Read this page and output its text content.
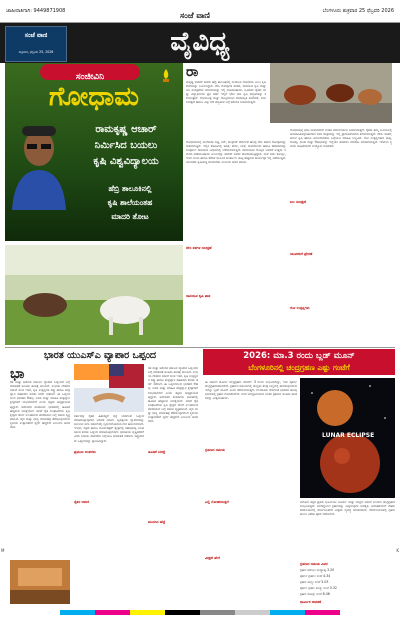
ಜಾಹೀರಾತಿಗಾಗಿ: 9449871908	ಸಂಜೆ ವಾಣಿ	ಬೆಂಗಳೂರು ಶುಕ್ರವಾರ 25 ಫೆಬ್ರವರಿ 2026
ಸಂಜೆ ವಾಣಿ
ಶುಕ್ರವಾರ, ಫೆಬ್ರವರಿ 25, 2026	ವೈವಿಧ್ಯ
ಸಂಜೀವಿನಿ
ಗೋಧಾಮ
ರಾಮಕೃಷ್ಣ ಆಚಾರ್
ನಿರ್ಮಿಸಿದ ಬಯಲು
ಕೃಷಿ ವಿಶ್ವವಿದ್ಯಾಲಯ
ಹೆಬ್ರಿ ತಾಲೂಕಿನಲ್ಲಿ
ಕೃಷಿ ಶಾಲೆಯಂತಹ
ಮಾದರಿ ತೋಟ
ರಾ
ಮಕೃಷ್ಣ ಆಚಾರ್ ಅವರು ಹೆಬ್ರಿ ತಾಲೂಕಿನಲ್ಲಿ ಸಂಜೀವಿನಿ ಗೋಧಾಮ ಎಂಬ ಕೃಷಿ ಶಾಲೆಯನ್ನು ನಿರ್ಮಿಸಿದ್ದಾರೆ. ದೇಸಿ ಗೋವುಗಳ ಸಾಕಣೆ, ಸಾವಯವ ಕೃಷಿ ಮತ್ತು ಜಲ ಸಂರಕ್ಷಣೆಯ ಮಾದರಿಯನ್ನು ಇಲ್ಲಿ ನೋಡಬಹುದು. ನೂರಾರು ರೈತರು ಮತ್ತು ವಿದ್ಯಾರ್ಥಿಗಳು ಪ್ರತಿ ವರ್ಷ ಇಲ್ಲಿಗೆ ಭೇಟಿ ನೀಡಿ ಕೃಷಿ ಪದ್ಧತಿಗಳನ್ನು ಕಲಿಯುತ್ತಾರೆ. ಗೋಮೂತ್ರ ಮತ್ತು ಗೊಬ್ಬರದಿಂದ ಜೀವಾಮೃತ ತಯಾರಿಕೆ, ಬೀಜ ಸಂರಕ್ಷಣೆ ಹಾಗೂ ಮಿಶ್ರ ಬೆಳೆ ಪದ್ಧತಿಗಳ ಬಗ್ಗೆ ತರಬೇತಿ ನೀಡಲಾಗುತ್ತದೆ.
ಗೋಧಾಮದಲ್ಲಿ ಮಲೆನಾಡು ಗಿಡ್ಡ, ಗಿರ್, ಕಾಂಕ್ರೇಜ್ ಸೇರಿದಂತೆ ಹಲವು ದೇಸಿ ತಳಿಗಳ ಗೋವುಗಳನ್ನು ಸಾಕಲಾಗುತ್ತಿದೆ. ಇಲ್ಲಿನ ತೋಟದಲ್ಲಿ ಅಡಿಕೆ, ತೆಂಗು, ಬಾಳೆ, ಕಾಳುಮೆಣಸು ಹಾಗೂ ತರಕಾರಿಗಳನ್ನು ಸಂಪೂರ್ಣ ಸಾವಯವ ವಿಧಾನದಲ್ಲಿ ಬೆಳೆಯಲಾಗುತ್ತಿದೆ. ರಾಸಾಯನಿಕ ಗೊಬ್ಬರ ಬಳಸದೆ ಉತ್ತಮ ಇಳುವರಿ ಪಡೆಯಬಹುದು ಎಂಬುದನ್ನು ಆಚಾರ್ ಅವರು ತೋರಿಸಿಕೊಟ್ಟಿದ್ದಾರೆ. ಮಳೆ ನೀರು ಕೊಯ್ಲು, ಇಂಗು ಗುಂಡಿ ಹಾಗೂ ಕೆರೆಗಳ ಮೂಲಕ ಅಂತರ್ಜಲ ಮಟ್ಟ ಹೆಚ್ಚಿಸುವ ಕಾರ್ಯವೂ ಇಲ್ಲಿ ನಡೆಯುತ್ತಿದೆ. ಯುವಕರು ಕೃಷಿಯತ್ತ ಮರಳಬೇಕು ಎಂಬುದು ಅವರ ಆಶಯ.
ಗೋಧಾಮಕ್ಕೆ ಭೇಟಿ ನೀಡುವವರಿಗೆ ಉಚಿತ ಮಾರ್ಗದರ್ಶನ ನೀಡಲಾಗುತ್ತದೆ. ರೈತರು ತಮ್ಮ ಜಮೀನಿನಲ್ಲಿ ಅಳವಡಿಸಿಕೊಳ್ಳಬಹುದಾದ ಸರಳ ತಂತ್ರಗಳನ್ನು ಇಲ್ಲಿ ಪ್ರಾಯೋಗಿಕವಾಗಿ ಕಲಿಸಲಾಗುತ್ತದೆ. ಜೇನು ಸಾಕಣೆ, ಅಣಬೆ ಕೃಷಿ ಹಾಗೂ ಮೀನುಗಾರಿಕೆಯ ಬಗ್ಗೆಯೂ ಮಾಹಿತಿ ಲಭ್ಯವಿದೆ. ಗೋ ಉತ್ಪನ್ನಗಳಾದ ತುಪ್ಪ, ಸೋಪು, ಧೂಪ ಮತ್ತು ಔಷಧಿಗಳನ್ನು ಇಲ್ಲಿಯೇ ತಯಾರಿಸಿ ಮಾರಾಟ ಮಾಡಲಾಗುತ್ತಿದೆ. ಇದರಿಂದ ಸ್ಥಳೀಯ ಮಹಿಳೆಯರಿಗೆ ಉದ್ಯೋಗ ದೊರೆತಿದೆ.
ದೇಸಿ ತಳಿಗಳ ಸಂರಕ್ಷಣೆ
ಸಾವಯವ ಕೃಷಿ ಪಾಠ
ಜಲ ಸಂರಕ್ಷಣೆ
ಯುವಕರಿಗೆ ಪ್ರೇರಣೆ
ಗೋ ಉತ್ಪನ್ನಗಳು
ಭಾರತ ಯುಎಸ್‌ಎ ವ್ಯಾಪಾರ ಒಪ್ಪಂದ
ಭಾ
ರತ ಮತ್ತು ಅಮೆರಿಕ ನಡುವಿನ ವ್ಯಾಪಾರ ಒಪ್ಪಂದದ ಬಗ್ಗೆ ಮಾತುಕತೆ ಅಂತಿಮ ಹಂತಕ್ಕೆ ತಲುಪಿದೆ. ಉಭಯ ದೇಶಗಳ ನಡುವೆ ಸುಂಕ ಇಳಿಕೆ, ಕೃಷಿ ಉತ್ಪನ್ನಗಳ ರಫ್ತು ಹಾಗೂ ತಂತ್ರಜ್ಞಾನ ಸಹಕಾರದ ಕುರಿತು ಚರ್ಚೆ ನಡೆದಿದೆ. ಈ ಒಪ್ಪಂದದಿಂದ ಭಾರತದ ಔಷಧ, ಜವಳಿ ಮತ್ತು ಮಾಹಿತಿ ತಂತ್ರಜ್ಞಾನ ಕ್ಷೇತ್ರಗಳಿಗೆ ಲಾಭವಾಗಲಿದೆ ಎಂದು ತಜ್ಞರು ಅಭಿಪ್ರಾಯಪಟ್ಟಿದ್ದಾರೆ. ಅಮೆರಿಕದ ಕಂಪನಿಗಳು ಭಾರತದಲ್ಲಿ ಹೂಡಿಕೆ ಹೆಚ್ಚಿಸುವ ನಿರೀಕ್ಷೆಯಿದೆ. ಆದರೆ ರೈತ ಸಂಘಟನೆಗಳು ಕೃಷಿ ಕ್ಷೇತ್ರದ ಮೇಲೆ ಉಂಟಾಗುವ ಪರಿಣಾಮದ ಬಗ್ಗೆ ಆತಂಕ ವ್ಯಕ್ತಪಡಿಸಿವೆ. ಡೈರಿ ಮತ್ತು ಧಾನ್ಯ ಮಾರುಕಟ್ಟೆ ತೆರೆಯುವುದರಿಂದ ಸ್ಥಳೀಯ ಉತ್ಪಾದಕರಿಗೆ ಸ್ಪರ್ಧೆ ಹೆಚ್ಚಲಿದೆ ಎಂಬುದು ಅವರ ವಾದ.
ಸರ್ಕಾರವು ರೈತರ ಹಿತಾಸಕ್ತಿಗೆ ಧಕ್ಕೆ ಬಾರದಂತೆ ಒಪ್ಪಂದ ಮಾಡಿಕೊಳ್ಳುವುದಾಗಿ ಭರವಸೆ ನೀಡಿದೆ. ದ್ವಿಪಕ್ಷೀಯ ವ್ಯಾಪಾರವನ್ನು ಮುಂದಿನ ಐದು ವರ್ಷಗಳಲ್ಲಿ ದ್ವಿಗುಣಗೊಳಿಸುವ ಗುರಿ ಹೊಂದಲಾಗಿದೆ. ಇಂಧನ, ರಕ್ಷಣೆ ಹಾಗೂ ಸೆಮಿಕಂಡಕ್ಟರ್ ಕ್ಷೇತ್ರದಲ್ಲಿ ಸಹಭಾಗಿತ್ವ ಬಲಪಡಿಸುವ ಕುರಿತು ಒಪ್ಪಂದ ಮಾಡಿಕೊಳ್ಳಲಾಗಿದೆ. ಭಾರತೀಯ ವೃತ್ತಿಪರರಿಗೆ ವೀಸಾ ನಿಯಮ ಸಡಿಲಿಕೆಯ ಬಗ್ಗೆಯೂ ಮಾತುಕತೆ ನಡೆದಿದೆ. ರಫ್ತುದಾರರು ಒಪ್ಪಂದವನ್ನು ಸ್ವಾಗತಿಸಿದ್ದಾರೆ.
ಪ್ರಮುಖ ಅಂಶಗಳು
ರೈತರ ಆತಂಕ
ಹೂಡಿಕೆ ನಿರೀಕ್ಷೆ
ಮುಂದಿನ ಹೆಜ್ಜೆ
ರತ ಮತ್ತು ಅಮೆರಿಕ ನಡುವಿನ ವ್ಯಾಪಾರ ಒಪ್ಪಂದದ ಬಗ್ಗೆ ಮಾತುಕತೆ ಅಂತಿಮ ಹಂತಕ್ಕೆ ತಲುಪಿದೆ. ಉಭಯ ದೇಶಗಳ ನಡುವೆ ಸುಂಕ ಇಳಿಕೆ, ಕೃಷಿ ಉತ್ಪನ್ನಗಳ ರಫ್ತು ಹಾಗೂ ತಂತ್ರಜ್ಞಾನ ಸಹಕಾರದ ಕುರಿತು ಚರ್ಚೆ ನಡೆದಿದೆ. ಈ ಒಪ್ಪಂದದಿಂದ ಭಾರತದ ಔಷಧ, ಜವಳಿ ಮತ್ತು ಮಾಹಿತಿ ತಂತ್ರಜ್ಞಾನ ಕ್ಷೇತ್ರಗಳಿಗೆ ಲಾಭವಾಗಲಿದೆ ಎಂದು ತಜ್ಞರು ಅಭಿಪ್ರಾಯಪಟ್ಟಿದ್ದಾರೆ. ಅಮೆರಿಕದ ಕಂಪನಿಗಳು ಭಾರತದಲ್ಲಿ ಹೂಡಿಕೆ ಹೆಚ್ಚಿಸುವ ನಿರೀಕ್ಷೆಯಿದೆ. ಆದರೆ ರೈತ ಸಂಘಟನೆಗಳು ಕೃಷಿ ಕ್ಷೇತ್ರದ ಮೇಲೆ ಉಂಟಾಗುವ ಪರಿಣಾಮದ ಬಗ್ಗೆ ಆತಂಕ ವ್ಯಕ್ತಪಡಿಸಿವೆ. ಡೈರಿ ಮತ್ತು ಧಾನ್ಯ ಮಾರುಕಟ್ಟೆ ತೆರೆಯುವುದರಿಂದ ಸ್ಥಳೀಯ ಉತ್ಪಾದಕರಿಗೆ ಸ್ಪರ್ಧೆ ಹೆಚ್ಚಲಿದೆ ಎಂಬುದು ಅವರ ವಾದ.
2026: ಮಾ.3 ರಂದು ಬ್ಲಡ್ ಮೂನ್
ಬೆಂಗಳೂರಿನಲ್ಲಿ ಚಂದ್ರಗ್ರಹಣ ಎಷ್ಟು ಗಂಟೆಗೆ
LUNAR ECLIPSE
ಈ ವರ್ಷದ ಮೊದಲ ಚಂದ್ರಗ್ರಹಣ ಮಾರ್ಚ್ 3 ರಂದು ಸಂಭವಿಸಲಿದ್ದು, ಇದು ಪೂರ್ಣ ಚಂದ್ರಗ್ರಹಣವಾಗಿರಲಿದೆ. ಗ್ರಹಣದ ಸಮಯದಲ್ಲಿ ಚಂದ್ರನು ಕೆಂಪು ಬಣ್ಣದಲ್ಲಿ ಕಾಣಿಸುವುದರಿಂದ ಇದನ್ನು ಬ್ಲಡ್ ಮೂನ್ ಎಂದು ಕರೆಯಲಾಗುತ್ತದೆ. ಬೆಂಗಳೂರು ಸೇರಿದಂತೆ ಭಾರತದ ಹಲವು ಭಾಗಗಳಲ್ಲಿ ಗ್ರಹಣ ಗೋಚರಿಸಲಿದೆ. ಸಂಜೆ ಚಂದ್ರೋದಯದ ನಂತರ ಗ್ರಹಣದ ಅಂತಿಮ ಹಂತಗಳನ್ನು ವೀಕ್ಷಿಸಬಹುದು.
ಗ್ರಹಣದ ಸಮಯ
ಎಲ್ಲಿ ಗೋಚರಿಸುತ್ತದೆ
ವೀಕ್ಷಣೆ ಹೇಗೆ
ಖಗೋಳ ತಜ್ಞರ ಪ್ರಕಾರ ಭೂಮಿಯು ಸೂರ್ಯ ಮತ್ತು ಚಂದ್ರನ ನಡುವೆ ಬಂದಾಗ ಚಂದ್ರಗ್ರಹಣ ಸಂಭವಿಸುತ್ತದೆ. ಬರಿಗಣ್ಣಿನಿಂದ ಗ್ರಹಣವನ್ನು ವೀಕ್ಷಿಸುವುದು ಸುರಕ್ಷಿತ. ಜವಾಹರಲಾಲ್ ನೆಹರು ತಾರಾಲಯದಲ್ಲಿ ಸಾರ್ವಜನಿಕರಿಗೆ ವೀಕ್ಷಣಾ ವ್ಯವಸ್ಥೆ ಮಾಡಲಾಗಿದೆ. ದೇವಾಲಯಗಳಲ್ಲಿ ಗ್ರಹಣ ಕಾಲದ ವಿಶೇಷ ಪೂಜೆ ನಡೆಯಲಿದೆ.
ಗ್ರಹಣದ ಸಮಯ ವಿವರ
ಗ್ರಹಣ ಆರಂಭ: ಮಧ್ಯಾಹ್ನ 3.20
ಪೂರ್ಣ ಗ್ರಹಣ: ಸಂಜೆ 4.34
ಗ್ರಹಣ ಮಧ್ಯ: ಸಂಜೆ 5.03
ಪೂರ್ಣ ಗ್ರಹಣ ಅಂತ್ಯ: ಸಂಜೆ 5.32
ಗ್ರಹಣ ಮೋಕ್ಷ: ಸಂಜೆ 6.46
ಧಾರ್ಮಿಕ ಆಚರಣೆ
M	K
